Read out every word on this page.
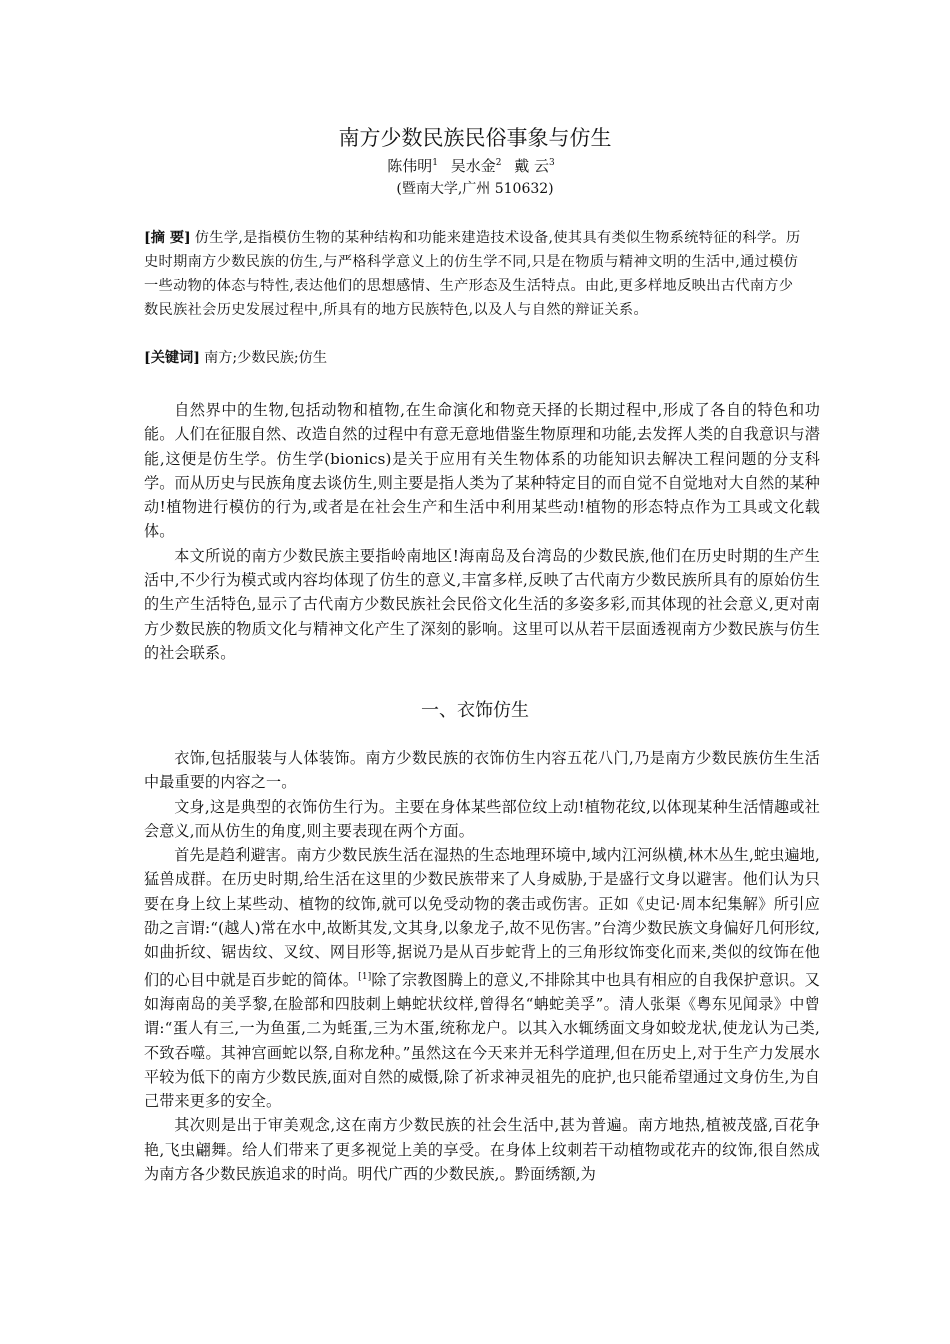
南方少数民族民俗事象与仿生
陈伟明$^1$ 吴水金$^2$ 戴 云$^3$
(暨南大学,广州 510632)
[摘 要] 仿生学,是指模仿生物的某种结构和功能来建造技术设备,使其具有类似生物系统特征的科学。历史时期南方少数民族的仿生,与严格科学意义上的仿生学不同,只是在物质与精神文明的生活中,通过模仿一些动物的体态与特性,表达他们的思想感情、生产形态及生活特点。由此,更多样地反映出古代南方少数民族社会历史发展过程中,所具有的地方民族特色,以及人与自然的辩证关系。
[关键词] 南方;少数民族;仿生

自然界中的生物,包括动物和植物,在生命演化和物竞天择的长期过程中,形成了各自的特色和功能。人们在征服自然、改造自然的过程中有意无意地借鉴生物原理和功能,去发挥人类的自我意识与潜能,这便是仿生学。仿生学(bionics)是关于应用有关生物体系的功能知识去解决工程问题的分支科学。而从历史与民族角度去谈仿生,则主要是指人类为了某种特定目的而自觉不自觉地对大自然的某种动!植物进行模仿的行为,或者是在社会生产和生活中利用某些动!植物的形态特点作为工具或文化载体。

本文所说的南方少数民族主要指岭南地区!海南岛及台湾岛的少数民族,他们在历史时期的生产生活中,不少行为模式或内容均体现了仿生的意义,丰富多样,反映了古代南方少数民族所具有的原始仿生的生产生活特色,显示了古代南方少数民族社会民俗文化生活的多姿多彩,而其体现的社会意义,更对南方少数民族的物质文化与精神文化产生了深刻的影响。这里可以从若干层面透视南方少数民族与仿生的社会联系。

一、衣饰仿生

衣饰,包括服装与人体装饰。南方少数民族的衣饰仿生内容五花八门,乃是南方少数民族仿生生活中最重要的内容之一。

文身,这是典型的衣饰仿生行为。主要在身体某些部位纹上动!植物花纹,以体现某种生活情趣或社会意义,而从仿生的角度,则主要表现在两个方面。

首先是趋利避害。南方少数民族生活在湿热的生态地理环境中,域内江河纵横,林木丛生,蛇虫遍地,猛兽成群。在历史时期,给生活在这里的少数民族带来了人身威胁,于是盛行文身以避害。他们认为只要在身上纹上某些动、植物的纹饰,就可以免受动物的袭击或伤害。正如《史记·周本纪集解》所引应劭之言谓:“(越人)常在水中,故断其发,文其身,以象龙子,故不见伤害。”台湾少数民族文身偏好几何形纹,如曲折纹、锯齿纹、叉纹、网目形等,据说乃是从百步蛇背上的三角形纹饰变化而来,类似的纹饰在他们的心目中就是百步蛇的简体。[1]除了宗教图腾上的意义,不排除其中也具有相应的自我保护意识。又如海南岛的美孚黎,在脸部和四肢刺上蚺蛇状纹样,曾得名“蚺蛇美孚”。清人张渠《粤东见闻录》中曾谓:“蛋人有三,一为鱼蛋,二为蚝蛋,三为木蛋,统称龙户。以其入水辄绣面文身如蛟龙状,使龙认为己类,不致吞噬。其神宫画蛇以祭,自称龙种。”虽然这在今天来并无科学道理,但在历史上,对于生产力发展水平较为低下的南方少数民族,面对自然的威慑,除了祈求神灵祖先的庇护,也只能希望通过文身仿生,为自己带来更多的安全。

其次则是出于审美观念,这在南方少数民族的社会生活中,甚为普遍。南方地热,植被茂盛,百花争艳,飞虫翩舞。给人们带来了更多视觉上美的享受。在身体上纹刺若干动植物或花卉的纹饰,很自然成为南方各少数民族追求的时尚。明代广西的少数民族,。黔面绣额,为
